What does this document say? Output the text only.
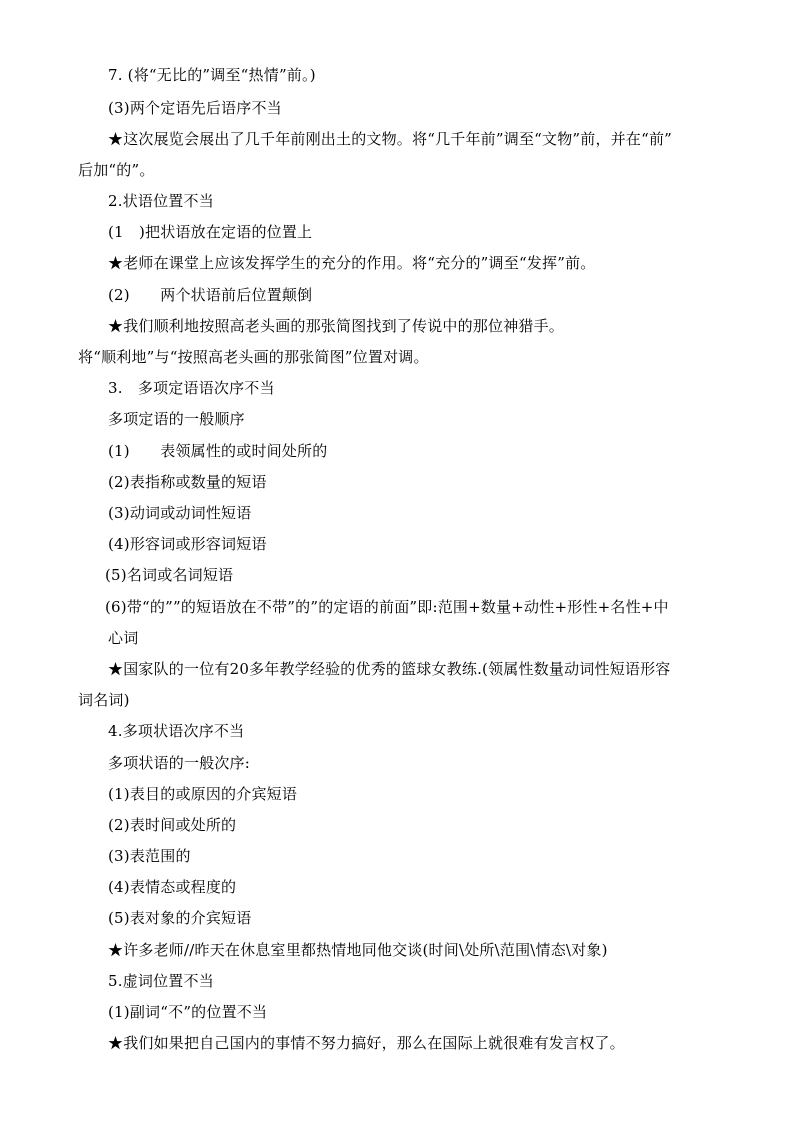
7. (将“无比的”调至“热情”前。)
(3)两个定语先后语序不当
★这次展览会展出了几千年前刚出土的文物。将“几千年前”调至“文物”前，并在“前”
后加“的”。
2.状语位置不当
(1　)把状语放在定语的位置上
★老师在课堂上应该发挥学生的充分的作用。将“充分的”调至“发挥”前。
(2)　　两个状语前后位置颠倒
★我们顺利地按照高老头画的那张简图找到了传说中的那位神猎手。
将“顺利地”与“按照高老头画的那张简图”位置对调。
3.　多项定语语次序不当
多项定语的一般顺序
(1)　　表领属性的或时间处所的
(2)表指称或数量的短语
(3)动词或动词性短语
(4)形容词或形容词短语
(5)名词或名词短语
(6)带“的””的短语放在不带”的”的定语的前面”即:范围+数量+动性+形性+名性+中
心词
★国家队的一位有20多年教学经验的优秀的篮球女教练.(领属性数量动词性短语形容
词名词)
4.多项状语次序不当
多项状语的一般次序:
(1)表目的或原因的介宾短语
(2)表时间或处所的
(3)表范围的
(4)表情态或程度的
(5)表对象的介宾短语
★许多老师//昨天在休息室里都热情地同他交谈(时间\处所\范围\情态\对象)
5.虚词位置不当
(1)副词“不”的位置不当
★我们如果把自己国内的事情不努力搞好，那么在国际上就很难有发言权了。
